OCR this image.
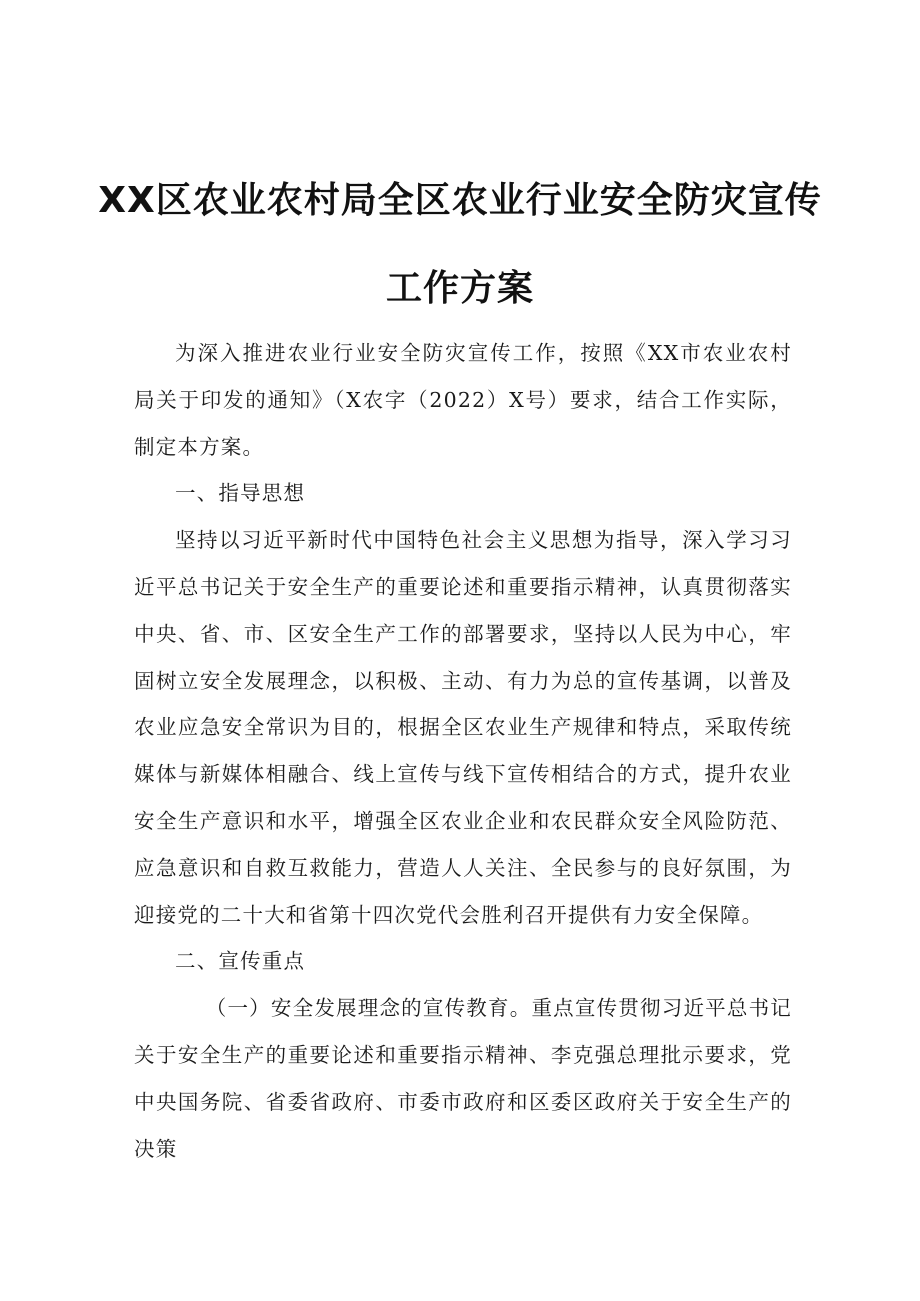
XX区农业农村局全区农业行业安全防灾宣传
工作方案

为深入推进农业行业安全防灾宣传工作，按照《XX市农业农村局关于印发的通知》（X农字（2022）X号）要求，结合工作实际，制定本方案。

一、指导思想

坚持以习近平新时代中国特色社会主义思想为指导，深入学习习近平总书记关于安全生产的重要论述和重要指示精神，认真贯彻落实中央、省、市、区安全生产工作的部署要求，坚持以人民为中心，牢固树立安全发展理念，以积极、主动、有力为总的宣传基调，以普及农业应急安全常识为目的，根据全区农业生产规律和特点，采取传统媒体与新媒体相融合、线上宣传与线下宣传相结合的方式，提升农业安全生产意识和水平，增强全区农业企业和农民群众安全风险防范、应急意识和自救互救能力，营造人人关注、全民参与的良好氛围，为迎接党的二十大和省第十四次党代会胜利召开提供有力安全保障。

二、宣传重点

（一）安全发展理念的宣传教育。重点宣传贯彻习近平总书记关于安全生产的重要论述和重要指示精神、李克强总理批示要求，党中央国务院、省委省政府、市委市政府和区委区政府关于安全生产的决策
